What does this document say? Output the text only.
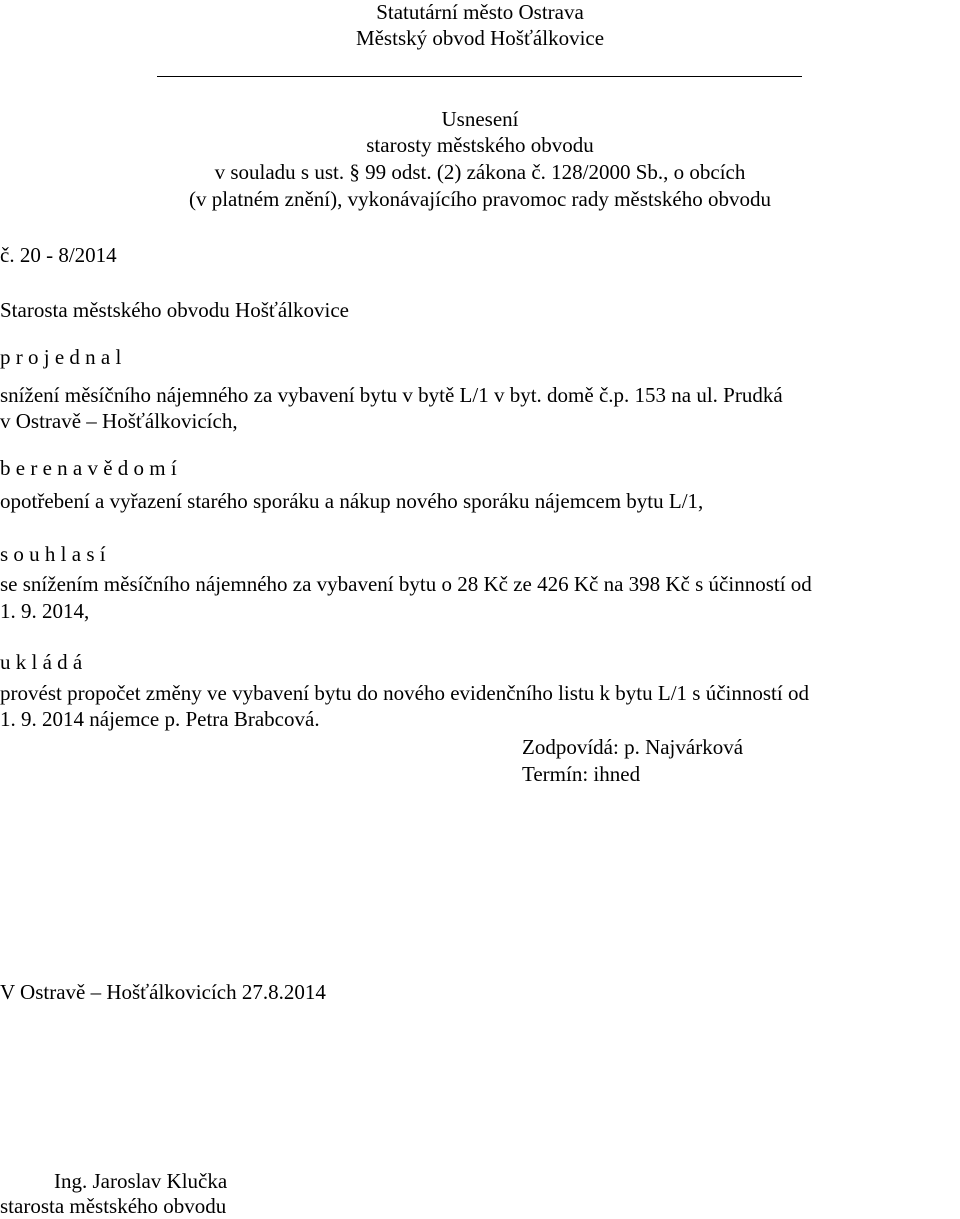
Statutární město Ostrava
Městský obvod Hošťálkovice
Usnesení
starosty městského obvodu
v souladu s ust. § 99 odst. (2) zákona č. 128/2000 Sb., o obcích
(v platném znění), vykonávajícího pravomoc rady městského obvodu
č. 20 - 8/2014
Starosta městského obvodu Hošťálkovice
p r o j e d n a l
snížení měsíčního nájemného za vybavení bytu v bytě L/1 v byt. domě č.p. 153 na ul. Prudká
v Ostravě – Hošťálkovicích,
b e r e n a v ě d o m í
opotřebení a vyřazení starého sporáku a nákup nového sporáku nájemcem bytu L/1,
s o u h l a s í
se snížením měsíčního nájemného za vybavení bytu o 28 Kč ze 426 Kč na 398 Kč s účinností od
1. 9. 2014,
u k l á d á
provést propočet změny ve vybavení bytu do nového evidenčního listu k bytu L/1 s účinností od
1. 9. 2014 nájemce p. Petra Brabcová.
Zodpovídá: p. Najvárková
Termín: ihned
V Ostravě – Hošťálkovicích 27.8.2014
Ing. Jaroslav Klučka
starosta městského obvodu
